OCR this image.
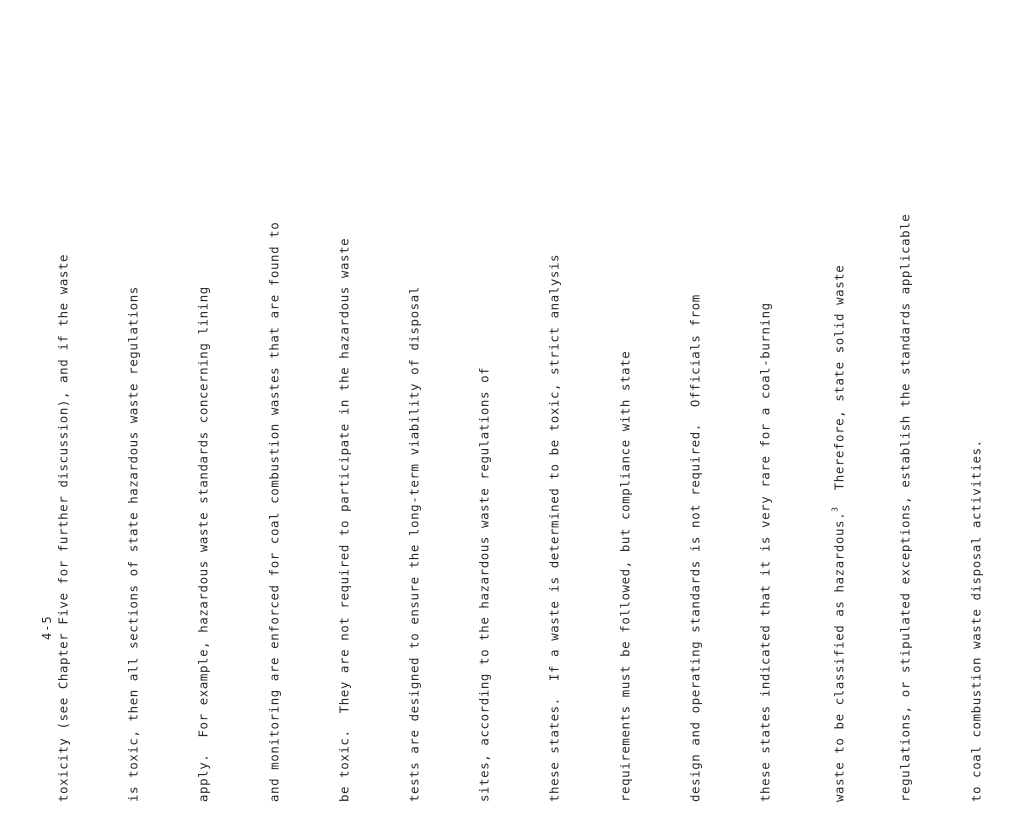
4-5

toxicity (see Chapter Five for further discussion), and if the waste

	is toxic, then all sections of state hazardous waste regulations

	apply.  For example, hazardous waste standards concerning lining

	and monitoring are enforced for coal combustion wastes that are found to

	be toxic.  They are not required to participate in the hazardous waste

	tests are designed to ensure the long-term viability of disposal

	sites, according to the hazardous waste regulations of

	these states.  If a waste is determined to be toxic, strict analysis

	requirements must be followed, but compliance with state

	design and operating standards is not required.  Officials from

	these states indicated that it is very rare for a coal-burning

	waste to be classified as hazardous.$^3$  Therefore, state solid waste

	regulations, or stipulated exceptions, establish the standards applicable

	to coal combustion waste disposal activities.
